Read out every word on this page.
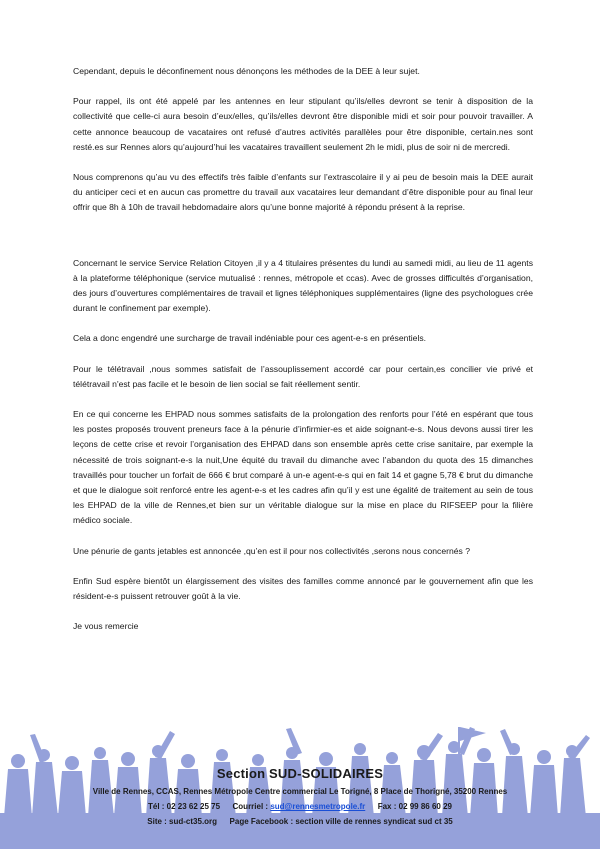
Cependant, depuis le déconfinement nous dénonçons les méthodes de la DEE à leur sujet.

Pour rappel, ils ont été appelé par les antennes en leur stipulant qu’ils/elles devront se tenir à disposition de la collectivité que celle-ci aura besoin d’eux/elles, qu’ils/elles devront être disponible midi et soir pour pouvoir travailler. A cette annonce beaucoup de vacataires ont refusé d’autres activités parallèles pour être disponible, certain.nes sont resté.es sur Rennes alors qu’aujourd’hui les vacataires travaillent seulement 2h le midi, plus de soir ni de mercredi.

Nous comprenons qu’au vu des effectifs très faible d’enfants sur l’extrascolaire il y ai peu de besoin mais la DEE aurait du anticiper ceci et en aucun cas promettre du travail aux vacataires leur demandant d’être disponible pour au final leur offrir que 8h à 10h de travail hebdomadaire alors qu’une bonne majorité à répondu présent à la reprise.

Concernant le service Service Relation Citoyen ,il y a 4 titulaires présentes du lundi au samedi midi, au lieu de 11 agents à la plateforme téléphonique (service mutualisé : rennes, métropole et ccas). Avec de grosses difficultés d’organisation, des jours d’ouvertures complémentaires de travail et lignes téléphoniques supplémentaires (ligne des psychologues crée durant le confinement par exemple).

Cela a donc engendré une surcharge de travail indéniable pour ces agent-e-s en présentiels.

Pour le télétravail ,nous sommes satisfait de l’assouplissement accordé car pour certain,es concilier vie privé et télétravail n'est pas facile et le besoin de lien social se fait réellement sentir.

En ce qui concerne les EHPAD nous sommes satisfaits de la prolongation des renforts pour l’été en espérant que tous les postes proposés trouvent preneurs face à la pénurie d’infirmier-es et aide soignant-e-s. Nous devons aussi tirer les leçons de cette crise et revoir l’organisation des EHPAD dans son ensemble après cette crise sanitaire, par exemple la nécessité de trois soignant-e-s la nuit,Une équité du travail du dimanche avec l’abandon du quota des 15 dimanches travaillés pour toucher un forfait de 666 € brut comparé à un-e agent-e-s qui en fait 14 et gagne 5,78 € brut du dimanche et que le dialogue soit renforcé entre les agent-e-s et les cadres afin qu’il y est une égalité de traitement au sein de tous les EHPAD de la ville de Rennes,et bien sur un véritable dialogue sur la mise en place du RIFSEEP pour la filière médico sociale.

Une pénurie de gants jetables est annoncée ,qu’en est il pour nos collectivités ,serons nous concernés ?

Enfin Sud espère bientôt un élargissement des visites des familles comme annoncé par le gouvernement afin que les résident-e-s puissent retrouver goût à la vie.

Je vous remercie

Section SUD-SOLIDAIRES
Ville de Rennes, CCAS, Rennes Métropole Centre commercial Le Torigné, 8 Place de Thorigné, 35200 Rennes
Tél : 02 23 62 25 75 Courriel : sud@rennesmetropole.fr Fax : 02 99 86 60 29
Site : sud-ct35.org Page Facebook : section ville de rennes syndicat sud ct 35
